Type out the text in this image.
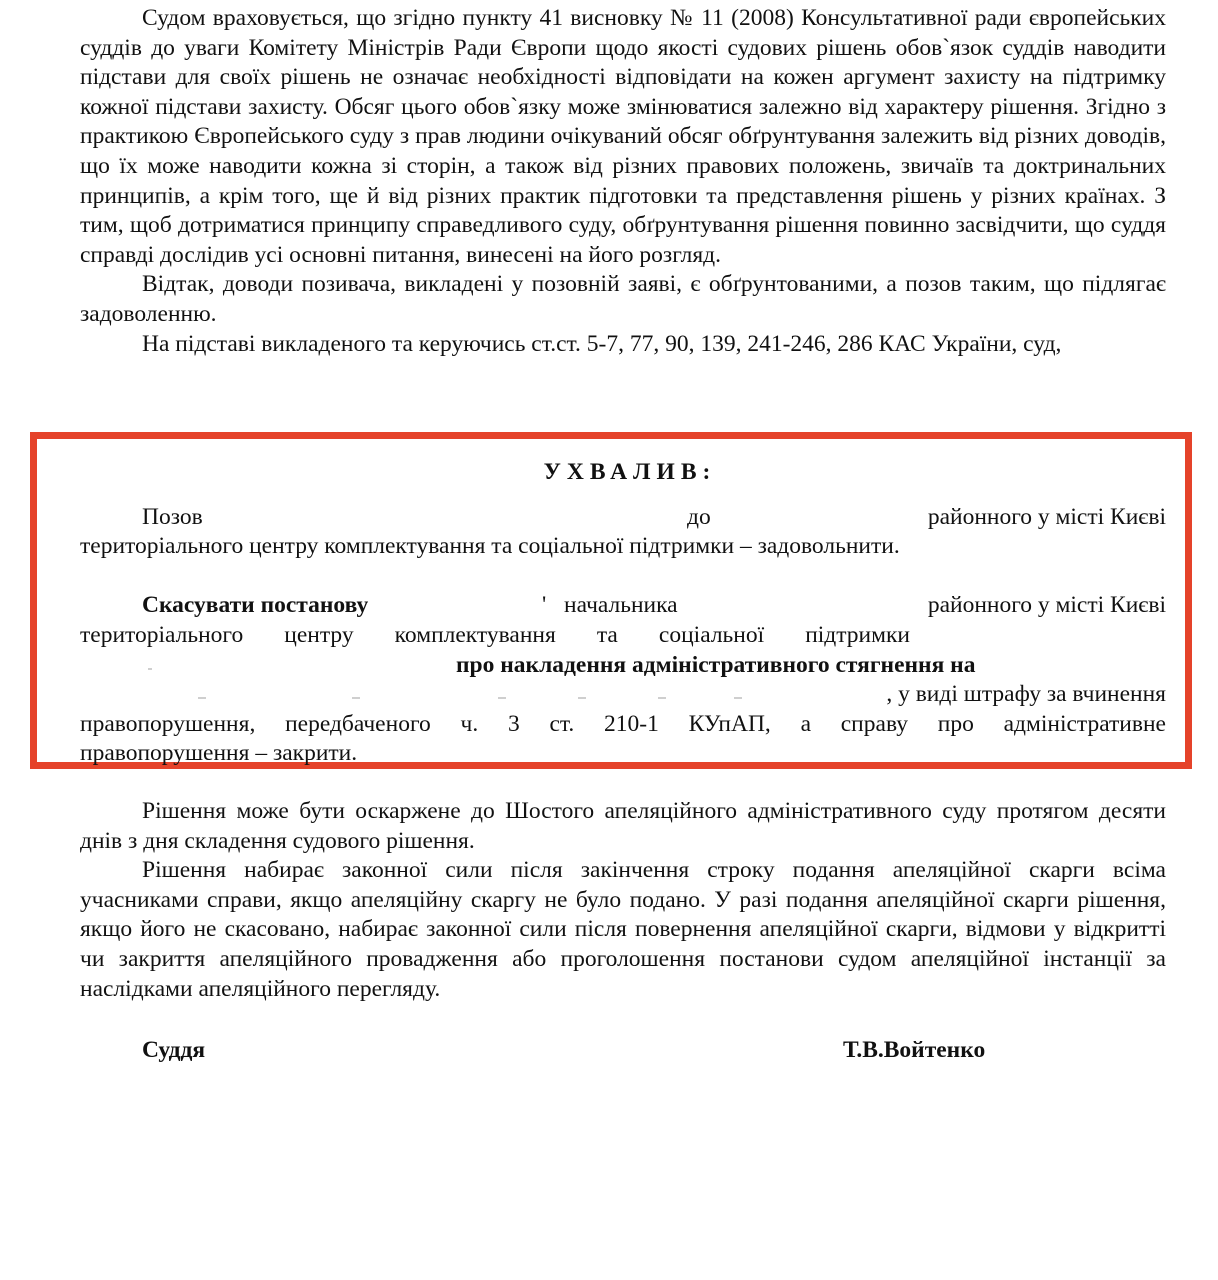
Судом враховується, що згідно пункту 41 висновку № 11 (2008) Консультативної ради європейських суддів до уваги Комітету Міністрів Ради Європи щодо якості судових рішень обов`язок суддів наводити підстави для своїх рішень не означає необхідності відповідати на кожен аргумент захисту на підтримку кожної підстави захисту. Обсяг цього обов`язку може змінюватися залежно від характеру рішення. Згідно з практикою Європейського суду з прав людини очікуваний обсяг обґрунтування залежить від різних доводів, що їх може наводити кожна зі сторін, а також від різних правових положень, звичаїв та доктринальних принципів, а крім того, ще й від різних практик підготовки та представлення рішень у різних країнах. З тим, щоб дотриматися принципу справедливого суду, обґрунтування рішення повинно засвідчити, що суддя справді дослідив усі основні питання, винесені на його розгляд.

Відтак, доводи позивача, викладені у позовній заяві, є обґрунтованими, а позов таким, що підлягає задоволенню.

На підставі викладеного та керуючись ст.ст. 5-7, 77, 90, 139, 241-246, 286 КАС України, суд,

УХВАЛИВ:
Позов	до	районного у місті Києві
територіального центру комплектування та соціальної підтримки – задовольнити.
Скасувати постанову	' начальника	районного у місті Києві
територіального центру комплектування та соціальної підтримки
про накладення адміністративного стягнення на
, у виді штрафу за вчинення
правопорушення, передбаченого ч. 3 ст. 210-1 КУпАП, а справу про адміністративне
правопорушення – закрити.

Рішення може бути оскаржене до Шостого апеляційного адміністративного суду протягом десяти днів з дня складення судового рішення.

Рішення набирає законної сили після закінчення строку подання апеляційної скарги всіма учасниками справи, якщо апеляційну скаргу не було подано. У разі подання апеляційної скарги рішення, якщо його не скасовано, набирає законної сили після повернення апеляційної скарги, відмови у відкритті чи закриття апеляційного провадження або проголошення постанови судом апеляційної інстанції за наслідками апеляційного перегляду.

Суддя	Т.В.Войтенко
